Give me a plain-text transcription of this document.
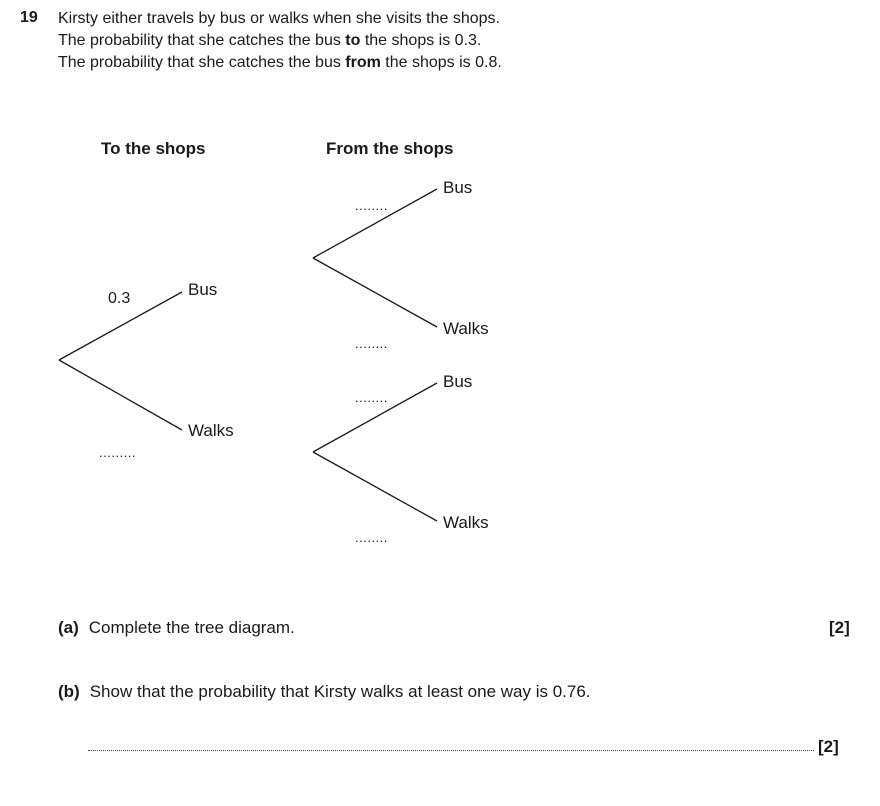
19 Kirsty either travels by bus or walks when she visits the shops.
The probability that she catches the bus to the shops is 0.3.
The probability that she catches the bus from the shops is 0.8.
To the shops	From the shops
0.3	Bus
Walks
.........
Bus
........
Walks
........
Bus
........
Walks
........
(a) Complete the tree diagram.	[2]
(b) Show that the probability that Kirsty walks at least one way is 0.76.
[2]
